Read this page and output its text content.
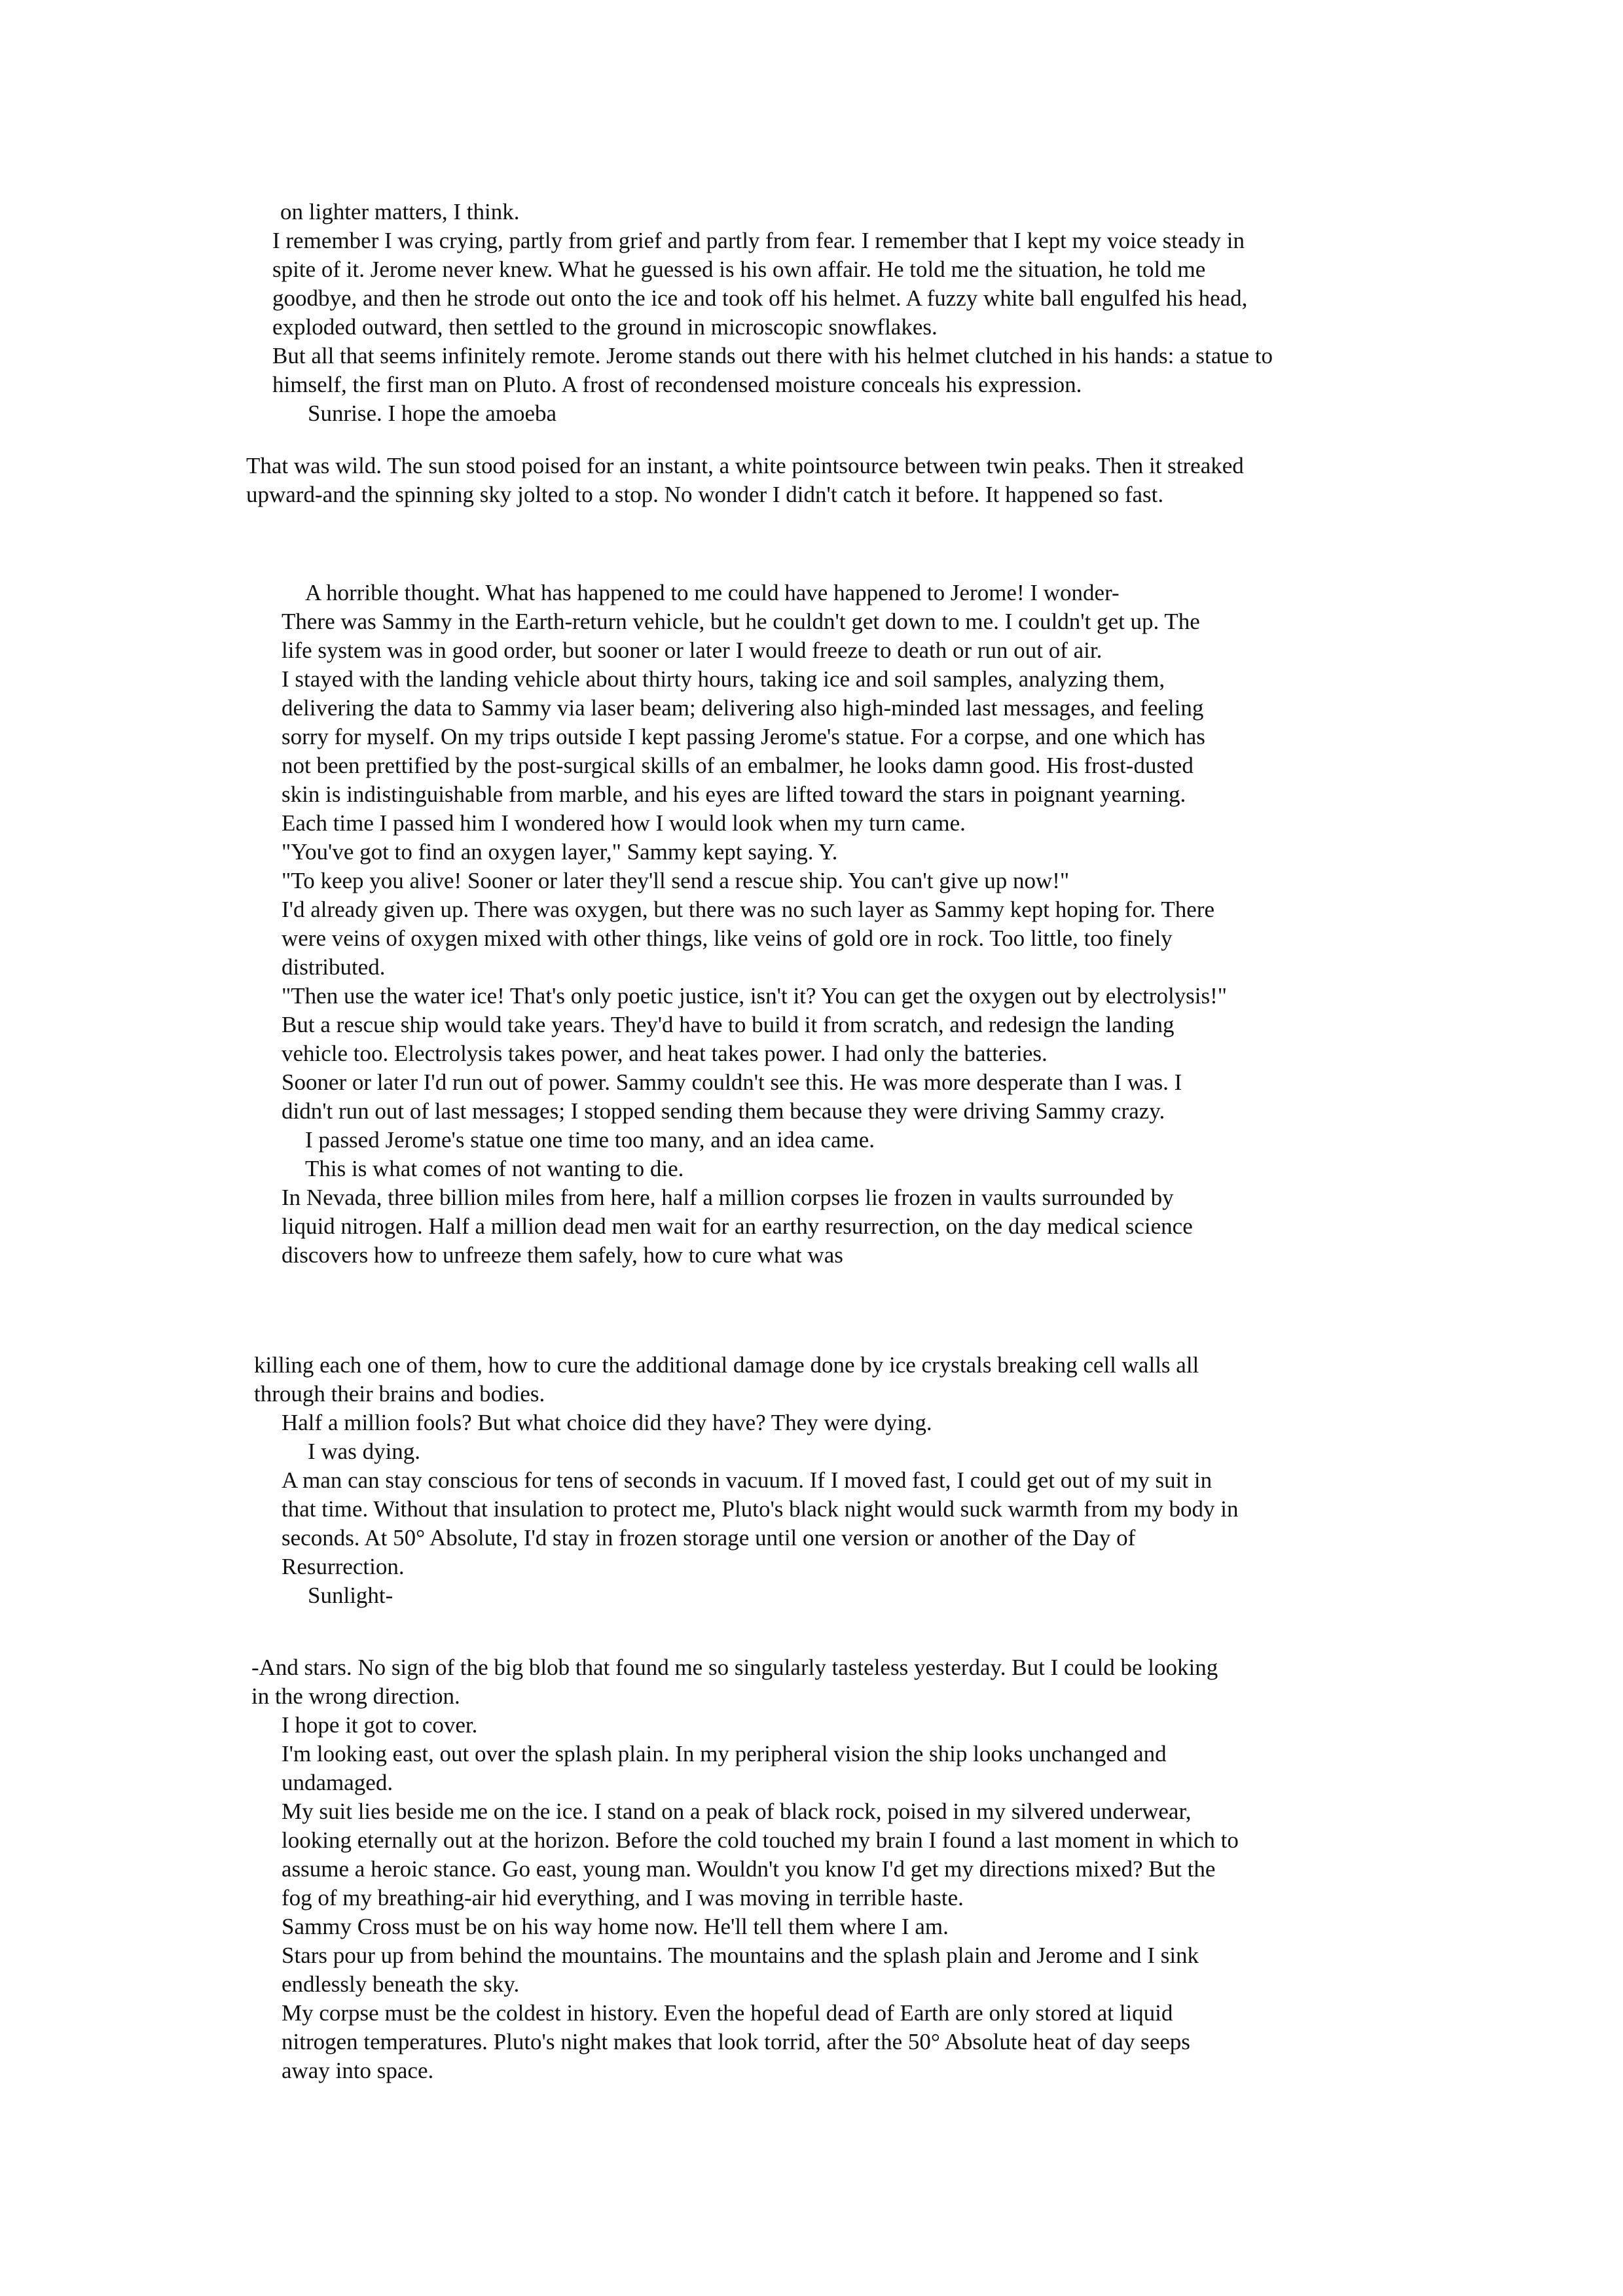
on lighter matters, I think.
I remember I was crying, partly from grief and partly from fear. I remember that I kept my voice steady in
spite of it. Jerome never knew. What he guessed is his own affair. He told me the situation, he told me
goodbye, and then he strode out onto the ice and took off his helmet. A fuzzy white ball engulfed his head,
exploded outward, then settled to the ground in microscopic snowflakes.
But all that seems infinitely remote. Jerome stands out there with his helmet clutched in his hands: a statue to
himself, the first man on Pluto. A frost of recondensed moisture conceals his expression.
Sunrise. I hope the amoeba
That was wild. The sun stood poised for an instant, a white pointsource between twin peaks. Then it streaked
upward-and the spinning sky jolted to a stop. No wonder I didn't catch it before. It happened so fast.
A horrible thought. What has happened to me could have happened to Jerome! I wonder-
There was Sammy in the Earth-return vehicle, but he couldn't get down to me. I couldn't get up. The
life system was in good order, but sooner or later I would freeze to death or run out of air.
I stayed with the landing vehicle about thirty hours, taking ice and soil samples, analyzing them,
delivering the data to Sammy via laser beam; delivering also high-minded last messages, and feeling
sorry for myself. On my trips outside I kept passing Jerome's statue. For a corpse, and one which has
not been prettified by the post-surgical skills of an embalmer, he looks damn good. His frost-dusted
skin is indistinguishable from marble, and his eyes are lifted toward the stars in poignant yearning.
Each time I passed him I wondered how I would look when my turn came.
"You've got to find an oxygen layer," Sammy kept saying. Y.
"To keep you alive! Sooner or later they'll send a rescue ship. You can't give up now!"
I'd already given up. There was oxygen, but there was no such layer as Sammy kept hoping for. There
were veins of oxygen mixed with other things, like veins of gold ore in rock. Too little, too finely
distributed.
"Then use the water ice! That's only poetic justice, isn't it? You can get the oxygen out by electrolysis!"
But a rescue ship would take years. They'd have to build it from scratch, and redesign the landing
vehicle too. Electrolysis takes power, and heat takes power. I had only the batteries.
Sooner or later I'd run out of power. Sammy couldn't see this. He was more desperate than I was. I
didn't run out of last messages; I stopped sending them because they were driving Sammy crazy.
I passed Jerome's statue one time too many, and an idea came.
This is what comes of not wanting to die.
In Nevada, three billion miles from here, half a million corpses lie frozen in vaults surrounded by
liquid nitrogen. Half a million dead men wait for an earthy resurrection, on the day medical science
discovers how to unfreeze them safely, how to cure what was
killing each one of them, how to cure the additional damage done by ice crystals breaking cell walls all
through their brains and bodies.
Half a million fools? But what choice did they have? They were dying.
I was dying.
A man can stay conscious for tens of seconds in vacuum. If I moved fast, I could get out of my suit in
that time. Without that insulation to protect me, Pluto's black night would suck warmth from my body in
seconds. At 50° Absolute, I'd stay in frozen storage until one version or another of the Day of
Resurrection.
Sunlight-
-And stars. No sign of the big blob that found me so singularly tasteless yesterday. But I could be looking
in the wrong direction.
I hope it got to cover.
I'm looking east, out over the splash plain. In my peripheral vision the ship looks unchanged and
undamaged.
My suit lies beside me on the ice. I stand on a peak of black rock, poised in my silvered underwear,
looking eternally out at the horizon. Before the cold touched my brain I found a last moment in which to
assume a heroic stance. Go east, young man. Wouldn't you know I'd get my directions mixed? But the
fog of my breathing-air hid everything, and I was moving in terrible haste.
Sammy Cross must be on his way home now. He'll tell them where I am.
Stars pour up from behind the mountains. The mountains and the splash plain and Jerome and I sink
endlessly beneath the sky.
My corpse must be the coldest in history. Even the hopeful dead of Earth are only stored at liquid
nitrogen temperatures. Pluto's night makes that look torrid, after the 50° Absolute heat of day seeps
away into space.
